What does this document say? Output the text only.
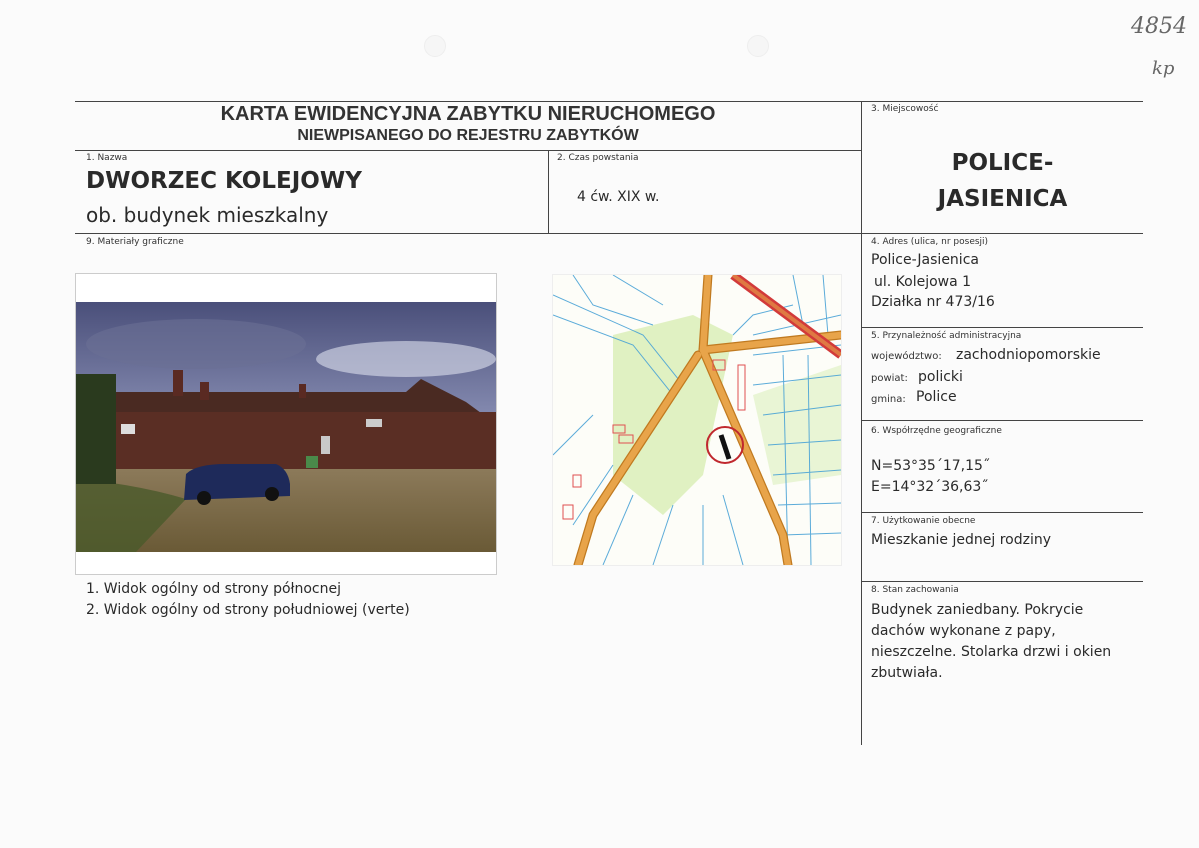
4854
kp
KARTA EWIDENCYJNA ZABYTKU NIERUCHOMEGO
NIEWPISANEGO DO REJESTRU ZABYTKÓW
1. Nazwa
DWORZEC KOLEJOWY
ob. budynek mieszkalny
2. Czas powstania
4 ćw. XIX w.
3. Miejscowość
POLICE-
JASIENICA
9. Materiały graficzne
1. Widok ogólny od strony północnej
2. Widok ogólny od strony południowej (verte)
4. Adres (ulica, nr posesji)
Police-Jasienica
ul. Kolejowa 1
Działka nr 473/16
5. Przynależność administracyjna
województwo: zachodniopomorskie
powiat: policki
gmina: Police
6. Współrzędne geograficzne
N=53°35´17,15˝
E=14°32´36,63˝
7. Użytkowanie obecne
Mieszkanie jednej rodziny
8. Stan zachowania
Budynek zaniedbany. Pokrycie
dachów wykonane z papy,
nieszczelne. Stolarka drzwi i okien
zbutwiała.
